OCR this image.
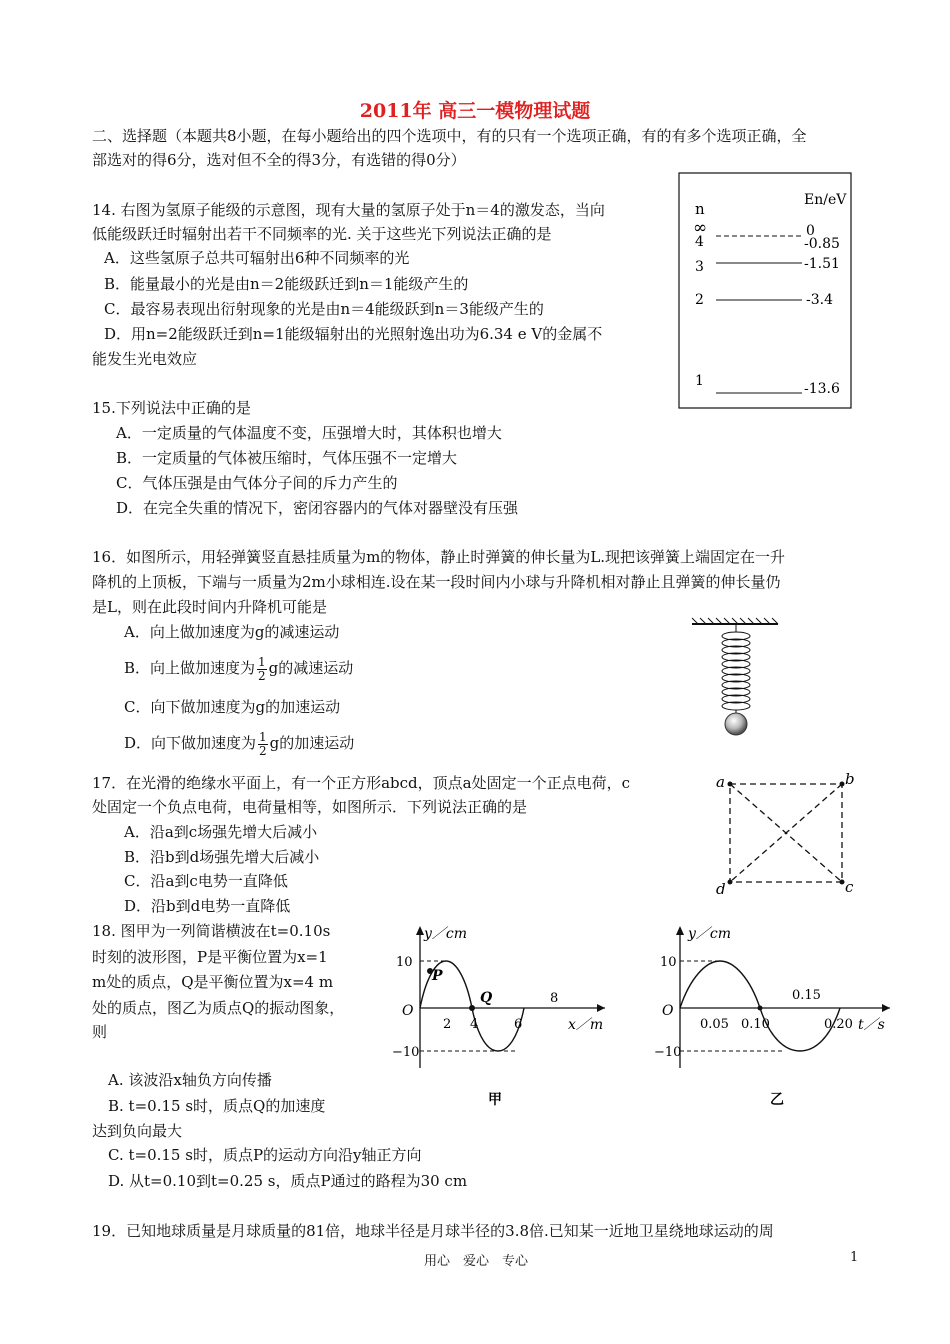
2011年 高三一模物理试题
二、选择题（本题共8小题，在每小题给出的四个选项中，有的只有一个选项正确，有的有多个选项正确，全
部选对的得6分，选对但不全的得3分，有选错的得0分）
14. 右图为氢原子能级的示意图，现有大量的氢原子处于n＝4的激发态，当向
低能级跃迁时辐射出若干不同频率的光. 关于这些光下列说法正确的是
A．这些氢原子总共可辐射出6种不同频率的光
B．能量最小的光是由n＝2能级跃迁到n＝1能级产生的
C．最容易表现出衍射现象的光是由n＝4能级跃到n＝3能级产生的
D．用n=2能级跃迁到n=1能级辐射出的光照射逸出功为6.34 e V的金属不
能发生光电效应
n	En/eV
∞	0
4	-0.85
3	-1.51
2	-3.4
1	-13.6
15.下列说法中正确的是
A．一定质量的气体温度不变，压强增大时，其体积也增大
B．一定质量的气体被压缩时，气体压强不一定增大
C．气体压强是由气体分子间的斥力产生的
D．在完全失重的情况下，密闭容器内的气体对器壁没有压强
16．如图所示，用轻弹簧竖直悬挂质量为m的物体，静止时弹簧的伸长量为L.现把该弹簧上端固定在一升
降机的上顶板，下端与一质量为2m小球相连.设在某一段时间内小球与升降机相对静止且弹簧的伸长量仍
是L，则在此段时间内升降机可能是
A．向上做加速度为g的减速运动
B．向上做加速度为 $\frac{1}{2}$ g的减速运动
C．向下做加速度为g的加速运动
D．向下做加速度为 $\frac{1}{2}$ g的加速运动
17．在光滑的绝缘水平面上，有一个正方形abcd，顶点a处固定一个正点电荷，c
处固定一个负点电荷，电荷量相等，如图所示．下列说法正确的是
A．沿a到c场强先增大后减小
B．沿b到d场强先增大后减小
C．沿a到c电势一直降低
D．沿b到d电势一直降低
a	b
c
d
18. 图甲为一列简谐横波在t=0.10s
时刻的波形图，P是平衡位置为x=1
m处的质点，Q是平衡位置为x=4 m
处的质点，图乙为质点Q的振动图象，
则
A. 该波沿x轴负方向传播
B. t=0.15 s时，质点Q的加速度
达到负向最大
C. t=0.15 s时，质点P的运动方向沿y轴正方向
D. 从t=0.10到t=0.25 s，质点P通过的路程为30 cm
y／cm
x／m
O
10
−10
2 4	6
8
P
Q
甲
y／cm
t／s
O
10
−10
0.05 0.10
0.15
0.20
乙
19．已知地球质量是月球质量的81倍，地球半径是月球半径的3.8倍.已知某一近地卫星绕地球运动的周
用心　爱心　专心	1
